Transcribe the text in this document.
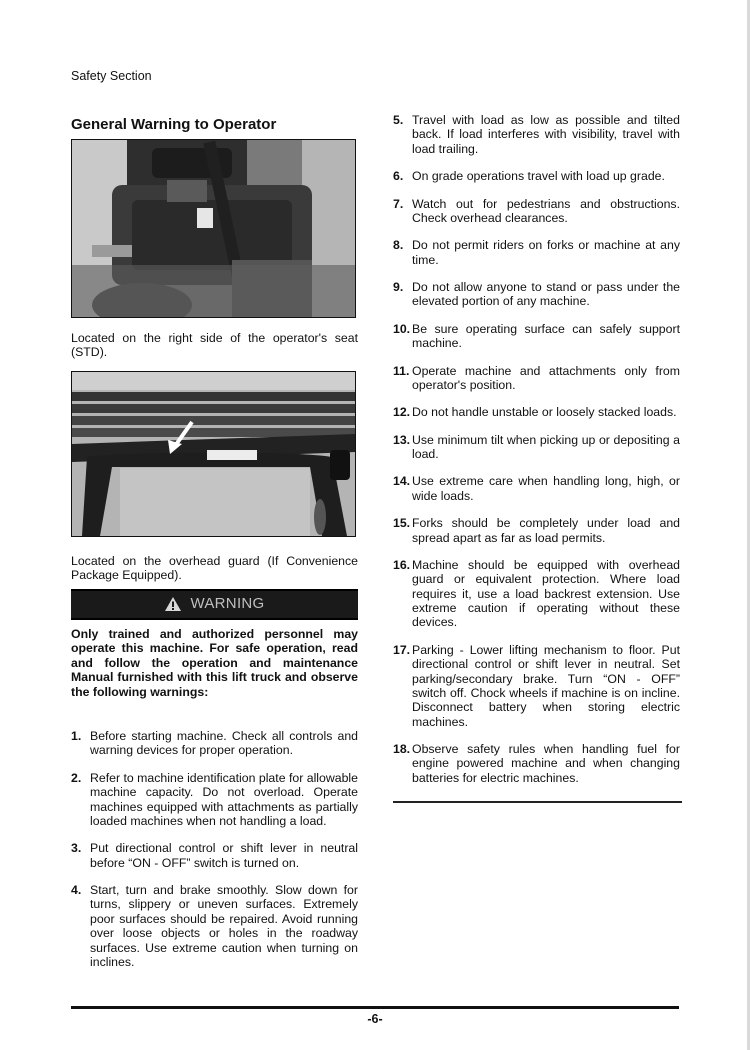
Safety Section
General Warning to Operator
Located on the right side of the operator's seat (STD).
Located on the overhead guard (If Convenience Package Equipped).
WARNING
Only trained and authorized personnel may operate this machine. For safe operation, read and follow the operation and maintenance Manual furnished with this lift truck and observe the following warnings:
1. Before starting machine. Check all controls and warning devices for proper operation.
2. Refer to machine identification plate for allowable machine capacity. Do not overload. Operate machines equipped with attachments as partially loaded machines when not handling a load.
3. Put directional control or shift lever in neutral before “ON - OFF” switch is turned on.
4. Start, turn and brake smoothly. Slow down for turns, slippery or uneven surfaces. Extremely poor surfaces should be repaired. Avoid running over loose objects or holes in the roadway surfaces. Use extreme caution when turning on inclines.
5. Travel with load as low as possible and tilted back. If load interferes with visibility, travel with load trailing.
6. On grade operations travel with load up grade.
7. Watch out for pedestrians and obstructions. Check overhead clearances.
8. Do not permit riders on forks or machine at any time.
9. Do not allow anyone to stand or pass under the elevated portion of any machine.
10. Be sure operating surface can safely support machine.
11. Operate machine and attachments only from operator's position.
12. Do not handle unstable or loosely stacked loads.
13. Use minimum tilt when picking up or depositing a load.
14. Use extreme care when handling long, high, or wide loads.
15. Forks should be completely under load and spread apart as far as load permits.
16. Machine should be equipped with overhead guard or equivalent protection. Where load requires it, use a load backrest extension. Use extreme caution if operating without these devices.
17. Parking - Lower lifting mechanism to floor. Put directional control or shift lever in neutral. Set parking/secondary brake. Turn “ON - OFF” switch off. Chock wheels if machine is on incline. Disconnect battery when storing electric machines.
18. Observe safety rules when handling fuel for engine powered machine and when changing batteries for electric machines.
-6-
